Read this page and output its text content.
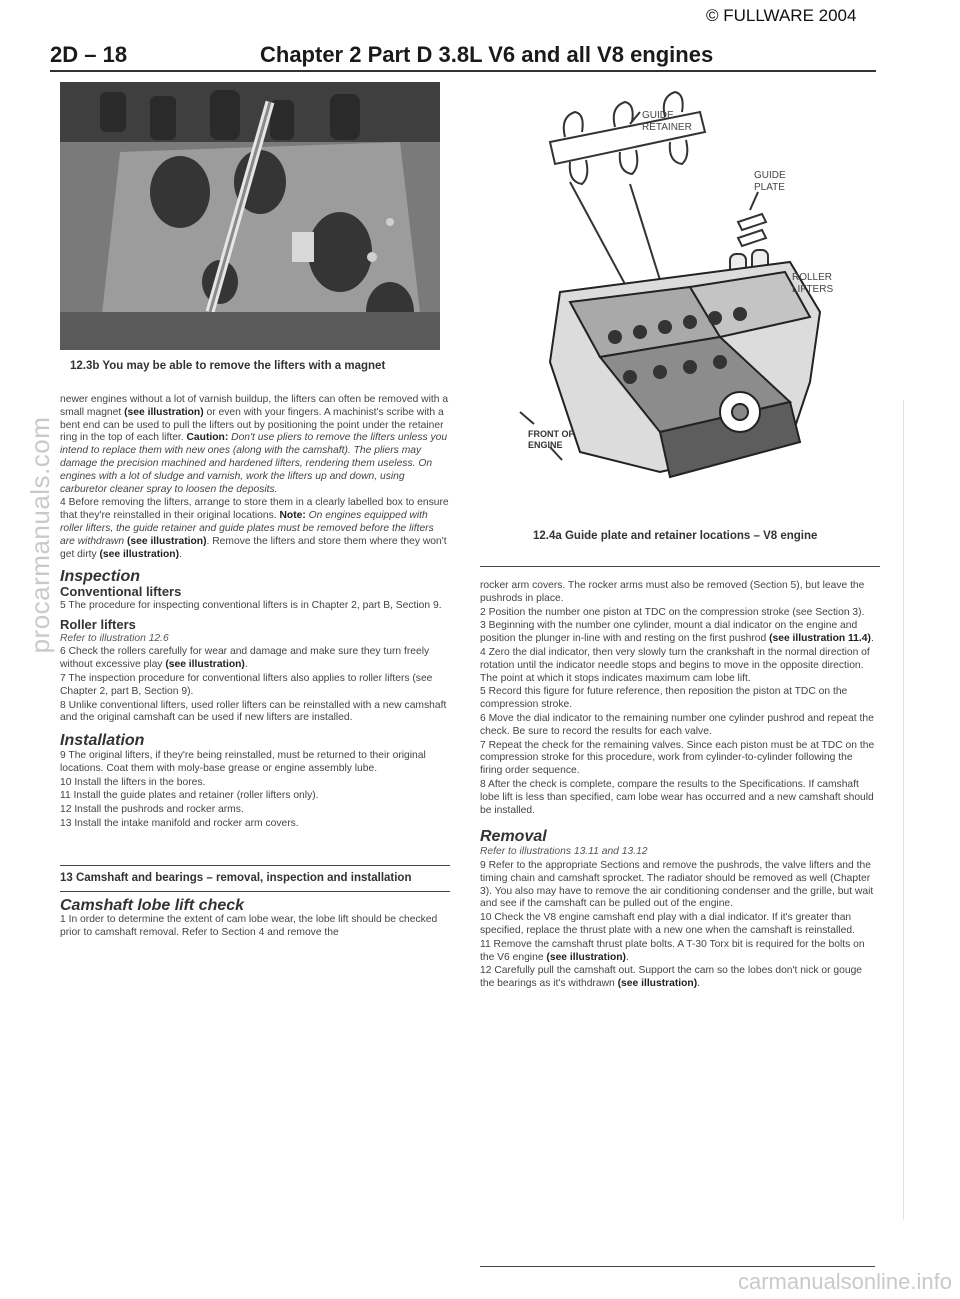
© FULLWARE 2004
2D – 18	Chapter 2 Part D 3.8L V6 and all V8 engines
procarmanuals.com
carmanualsonline.info
12.3b You may be able to remove the lifters with a magnet
GUIDE
RETAINER
GUIDE
PLATE
ROLLER
LIFTERS
FRONT OF
ENGINE
12.4a Guide plate and retainer locations – V8 engine

newer engines without a lot of varnish buildup, the lifters can often be removed with a small magnet (see illustration) or even with your fingers. A machinist's scribe with a bent end can be used to pull the lifters out by positioning the point under the retainer ring in the top of each lifter. Caution: Don't use pliers to remove the lifters unless you intend to replace them with new ones (along with the camshaft). The pliers may damage the precision machined and hardened lifters, rendering them useless. On engines with a lot of sludge and varnish, work the lifters up and down, using carburetor cleaner spray to loosen the deposits.

4 Before removing the lifters, arrange to store them in a clearly labelled box to ensure that they're reinstalled in their original locations. Note: On engines equipped with roller lifters, the guide retainer and guide plates must be removed before the lifters are withdrawn (see illustration). Remove the lifters and store them where they won't get dirty (see illustration).

Inspection
Conventional lifters

5 The procedure for inspecting conventional lifters is in Chapter 2, part B, Section 9.

Roller lifters

Refer to illustration 12.6

6 Check the rollers carefully for wear and damage and make sure they turn freely without excessive play (see illustration).

7 The inspection procedure for conventional lifters also applies to roller lifters (see Chapter 2, part B, Section 9).

8 Unlike conventional lifters, used roller lifters can be reinstalled with a new camshaft and the original camshaft can be used if new lifters are installed.

Installation

9 The original lifters, if they're being reinstalled, must be returned to their original locations. Coat them with moly-base grease or engine assembly lube.

10 Install the lifters in the bores.

11 Install the guide plates and retainer (roller lifters only).

12 Install the pushrods and rocker arms.

13 Install the intake manifold and rocker arm covers.

13 Camshaft and bearings – removal, inspection and installation
Camshaft lobe lift check

1 In order to determine the extent of cam lobe wear, the lobe lift should be checked prior to camshaft removal. Refer to Section 4 and remove the

rocker arm covers. The rocker arms must also be removed (Section 5), but leave the pushrods in place.

2 Position the number one piston at TDC on the compression stroke (see Section 3).

3 Beginning with the number one cylinder, mount a dial indicator on the engine and position the plunger in-line with and resting on the first pushrod (see illustration 11.4).

4 Zero the dial indicator, then very slowly turn the crankshaft in the normal direction of rotation until the indicator needle stops and begins to move in the opposite direction. The point at which it stops indicates maximum cam lobe lift.

5 Record this figure for future reference, then reposition the piston at TDC on the compression stroke.

6 Move the dial indicator to the remaining number one cylinder pushrod and repeat the check. Be sure to record the results for each valve.

7 Repeat the check for the remaining valves. Since each piston must be at TDC on the compression stroke for this procedure, work from cylinder-to-cylinder following the firing order sequence.

8 After the check is complete, compare the results to the Specifications. If camshaft lobe lift is less than specified, cam lobe wear has occurred and a new camshaft should be installed.

Removal

Refer to illustrations 13.11 and 13.12

9 Refer to the appropriate Sections and remove the pushrods, the valve lifters and the timing chain and camshaft sprocket. The radiator should be removed as well (Chapter 3). You also may have to remove the air conditioning condenser and the grille, but wait and see if the camshaft can be pulled out of the engine.

10 Check the V8 engine camshaft end play with a dial indicator. If it's greater than specified, replace the thrust plate with a new one when the camshaft is reinstalled.

11 Remove the camshaft thrust plate bolts. A T-30 Torx bit is required for the bolts on the V6 engine (see illustration).

12 Carefully pull the camshaft out. Support the cam so the lobes don't nick or gouge the bearings as it's withdrawn (see illustration).
